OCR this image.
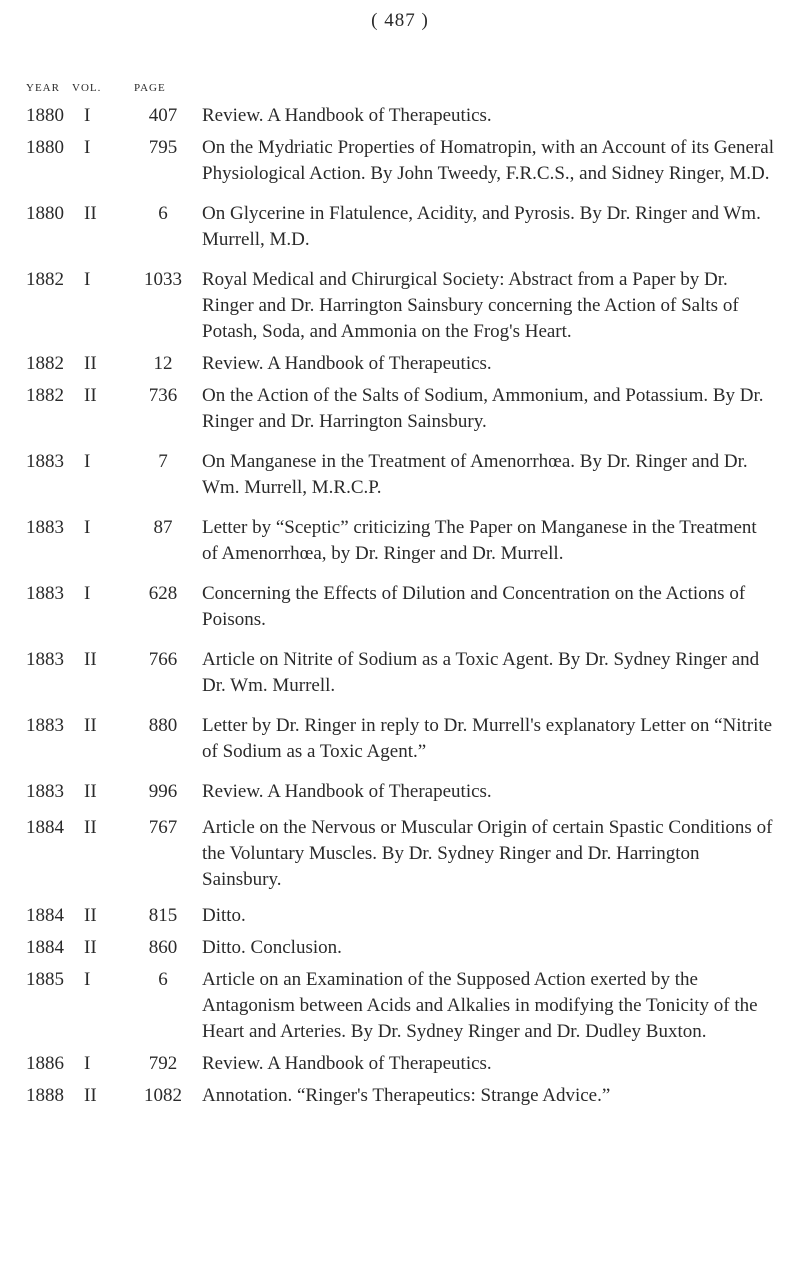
( 487 )
YEAR VOL.	PAGE
1880	I	407	Review. A Handbook of Therapeutics.
1880	I	795	On the Mydriatic Properties of Homatropin, with an Account of its General Physiological Action. By John Tweedy, F.R.C.S., and Sidney Ringer, M.D.
1880	II	6	On Glycerine in Flatulence, Acidity, and Pyrosis. By Dr. Ringer and Wm. Murrell, M.D.
1882	I	1033	Royal Medical and Chirurgical Society: Abstract from a Paper by Dr. Ringer and Dr. Harrington Sainsbury concerning the Action of Salts of Potash, Soda, and Ammonia on the Frog's Heart.
1882	II	12	Review. A Handbook of Therapeutics.
1882	II	736	On the Action of the Salts of Sodium, Ammonium, and Potassium. By Dr. Ringer and Dr. Harrington Sainsbury.
1883	I	7	On Manganese in the Treatment of Amenorrhœa. By Dr. Ringer and Dr. Wm. Murrell, M.R.C.P.
1883	I	87	Letter by “Sceptic” criticizing The Paper on Manganese in the Treatment of Amenorrhœa, by Dr. Ringer and Dr. Murrell.
1883	I	628	Concerning the Effects of Dilution and Concentration on the Actions of Poisons.
1883	II	766	Article on Nitrite of Sodium as a Toxic Agent. By Dr. Sydney Ringer and Dr. Wm. Murrell.
1883	II	880	Letter by Dr. Ringer in reply to Dr. Murrell's explanatory Letter on “Nitrite of Sodium as a Toxic Agent.”
1883	II	996	Review. A Handbook of Therapeutics.
1884	II	767	Article on the Nervous or Muscular Origin of certain Spastic Conditions of the Voluntary Muscles. By Dr. Sydney Ringer and Dr. Harrington Sainsbury.
1884	II	815	Ditto.
1884	II	860	Ditto. Conclusion.
1885	I	6	Article on an Examination of the Supposed Action exerted by the Antagonism between Acids and Alkalies in modifying the Tonicity of the Heart and Arteries. By Dr. Sydney Ringer and Dr. Dudley Buxton.
1886	I	792	Review. A Handbook of Therapeutics.
1888	II	1082	Annotation. “Ringer's Therapeutics: Strange Advice.”
